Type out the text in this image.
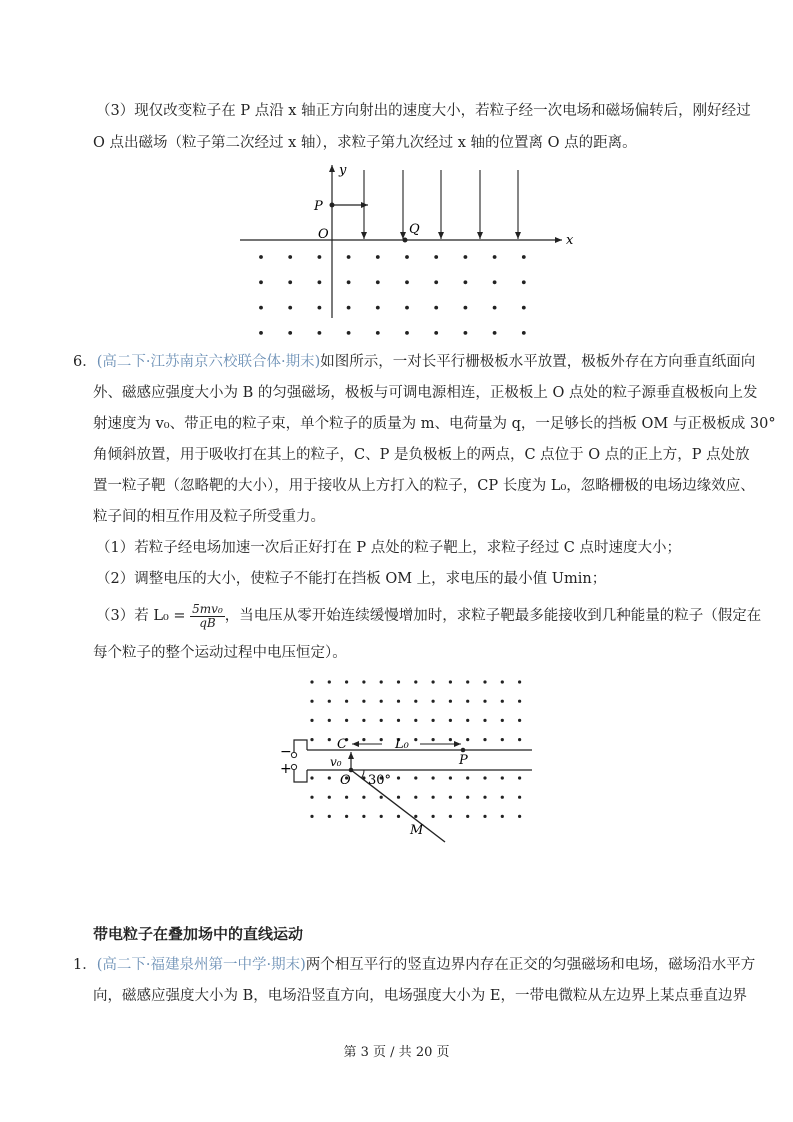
（3）现仅改变粒子在 P 点沿 x 轴正方向射出的速度大小，若粒子经一次电场和磁场偏转后，刚好经过
O 点出磁场（粒子第二次经过 x 轴），求粒子第九次经过 x 轴的位置离 O 点的距离。
y
x
O
P
Q
6．(高二下·江苏南京六校联合体·期末)如图所示，一对长平行栅极板水平放置，极板外存在方向垂直纸面向
外、磁感应强度大小为 B 的匀强磁场，极板与可调电源相连，正极板上 O 点处的粒子源垂直极板向上发
射速度为 v₀、带正电的粒子束，单个粒子的质量为 m、电荷量为 q，一足够长的挡板 OM 与正极板成 30°
角倾斜放置，用于吸收打在其上的粒子，C、P 是负极板上的两点，C 点位于 O 点的正上方，P 点处放
置一粒子靶（忽略靶的大小），用于接收从上方打入的粒子，CP 长度为 L₀，忽略栅极的电场边缘效应、
粒子间的相互作用及粒子所受重力。
（1）若粒子经电场加速一次后正好打在 P 点处的粒子靶上，求粒子经过 C 点时速度大小；
（2）调整电压的大小，使粒子不能打在挡板 OM 上，求电压的最小值 Umin；
（3）若 $L_0 = \frac{\text{5mv₀}}{qB}$ ，当电压从零开始连续缓慢增加时，求粒子靶最多能接收到几种能量的粒子（假定在
每个粒子的整个运动过程中电压恒定）。
−
+
C
P
L₀
v₀
O 30°
M
带电粒子在叠加场中的直线运动
1．(高二下·福建泉州第一中学·期末)两个相互平行的竖直边界内存在正交的匀强磁场和电场，磁场沿水平方
向，磁感应强度大小为 B，电场沿竖直方向，电场强度大小为 E，一带电微粒从左边界上某点垂直边界
第 3 页 / 共 20 页
